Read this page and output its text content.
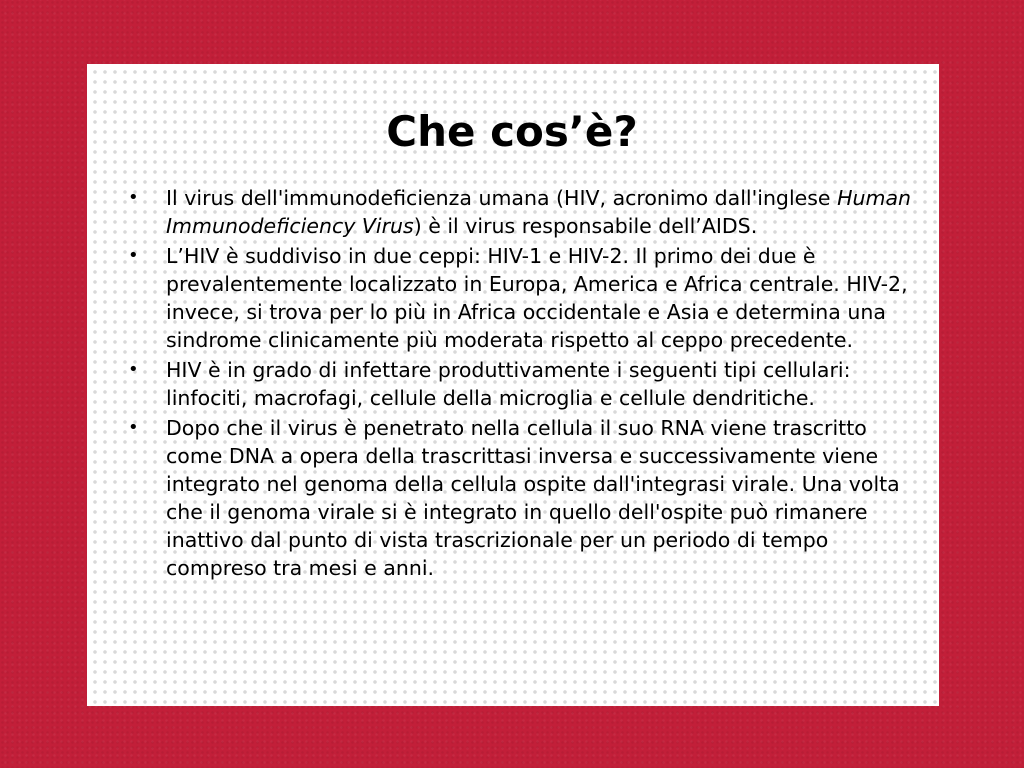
Che cos’è?
• Il virus dell'immunodeficienza umana (HIV, acronimo dall'inglese Human Immunodeficiency Virus) è il virus responsabile dell’AIDS.
• L’HIV è suddiviso in due ceppi: HIV-1 e HIV-2. Il primo dei due è prevalentemente localizzato in Europa, America e Africa centrale. HIV-2, invece, si trova per lo più in Africa occidentale e Asia e determina una sindrome clinicamente più moderata rispetto al ceppo precedente.
• HIV è in grado di infettare produttivamente i seguenti tipi cellulari: linfociti, macrofagi, cellule della microglia e cellule dendritiche.
• Dopo che il virus è penetrato nella cellula il suo RNA viene trascritto come DNA a opera della trascrittasi inversa e successivamente viene integrato nel genoma della cellula ospite dall'integrasi virale. Una volta che il genoma virale si è integrato in quello dell'ospite può rimanere inattivo dal punto di vista trascrizionale per un periodo di tempo compreso tra mesi e anni.
